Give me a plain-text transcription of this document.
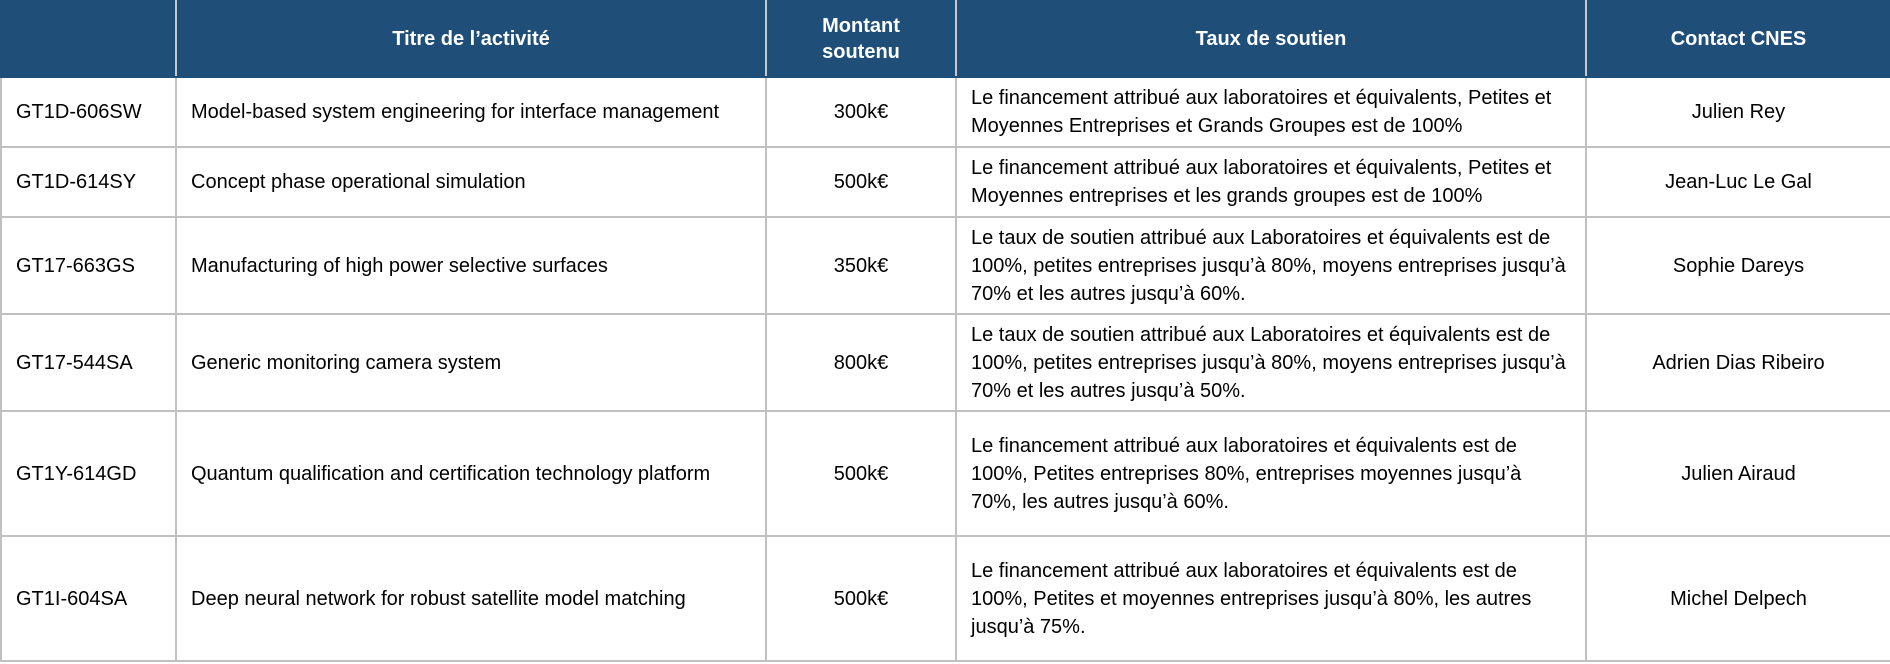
	Titre de l’activité	Montant soutenu	Taux de soutien	Contact CNES
GT1D-606SW	Model-based system engineering for interface management	300k€	Le financement attribué aux laboratoires et équivalents, Petites et Moyennes Entreprises et Grands Groupes est de 100%	Julien Rey
GT1D-614SY	Concept phase operational simulation	500k€	Le financement attribué aux laboratoires et équivalents, Petites et Moyennes entreprises et les grands groupes est de 100%	Jean-Luc Le Gal
GT17-663GS	Manufacturing of high power selective surfaces	350k€	Le taux de soutien attribué aux Laboratoires et équivalents est de 100%, petites entreprises jusqu’à 80%, moyens entreprises jusqu’à 70% et les autres jusqu’à 60%.	Sophie Dareys
GT17-544SA	Generic monitoring camera system	800k€	Le taux de soutien attribué aux Laboratoires et équivalents est de 100%, petites entreprises jusqu’à 80%, moyens entreprises jusqu’à 70% et les autres jusqu’à 50%.	Adrien Dias Ribeiro
GT1Y-614GD	Quantum qualification and certification technology platform	500k€	Le financement attribué aux laboratoires et équivalents est de 100%, Petites entreprises 80%, entreprises moyennes jusqu’à 70%, les autres jusqu’à 60%.	Julien Airaud
GT1I-604SA	Deep neural network for robust satellite model matching	500k€	Le financement attribué aux laboratoires et équivalents est de 100%, Petites et moyennes entreprises jusqu’à 80%, les autres jusqu’à 75%.	Michel Delpech
